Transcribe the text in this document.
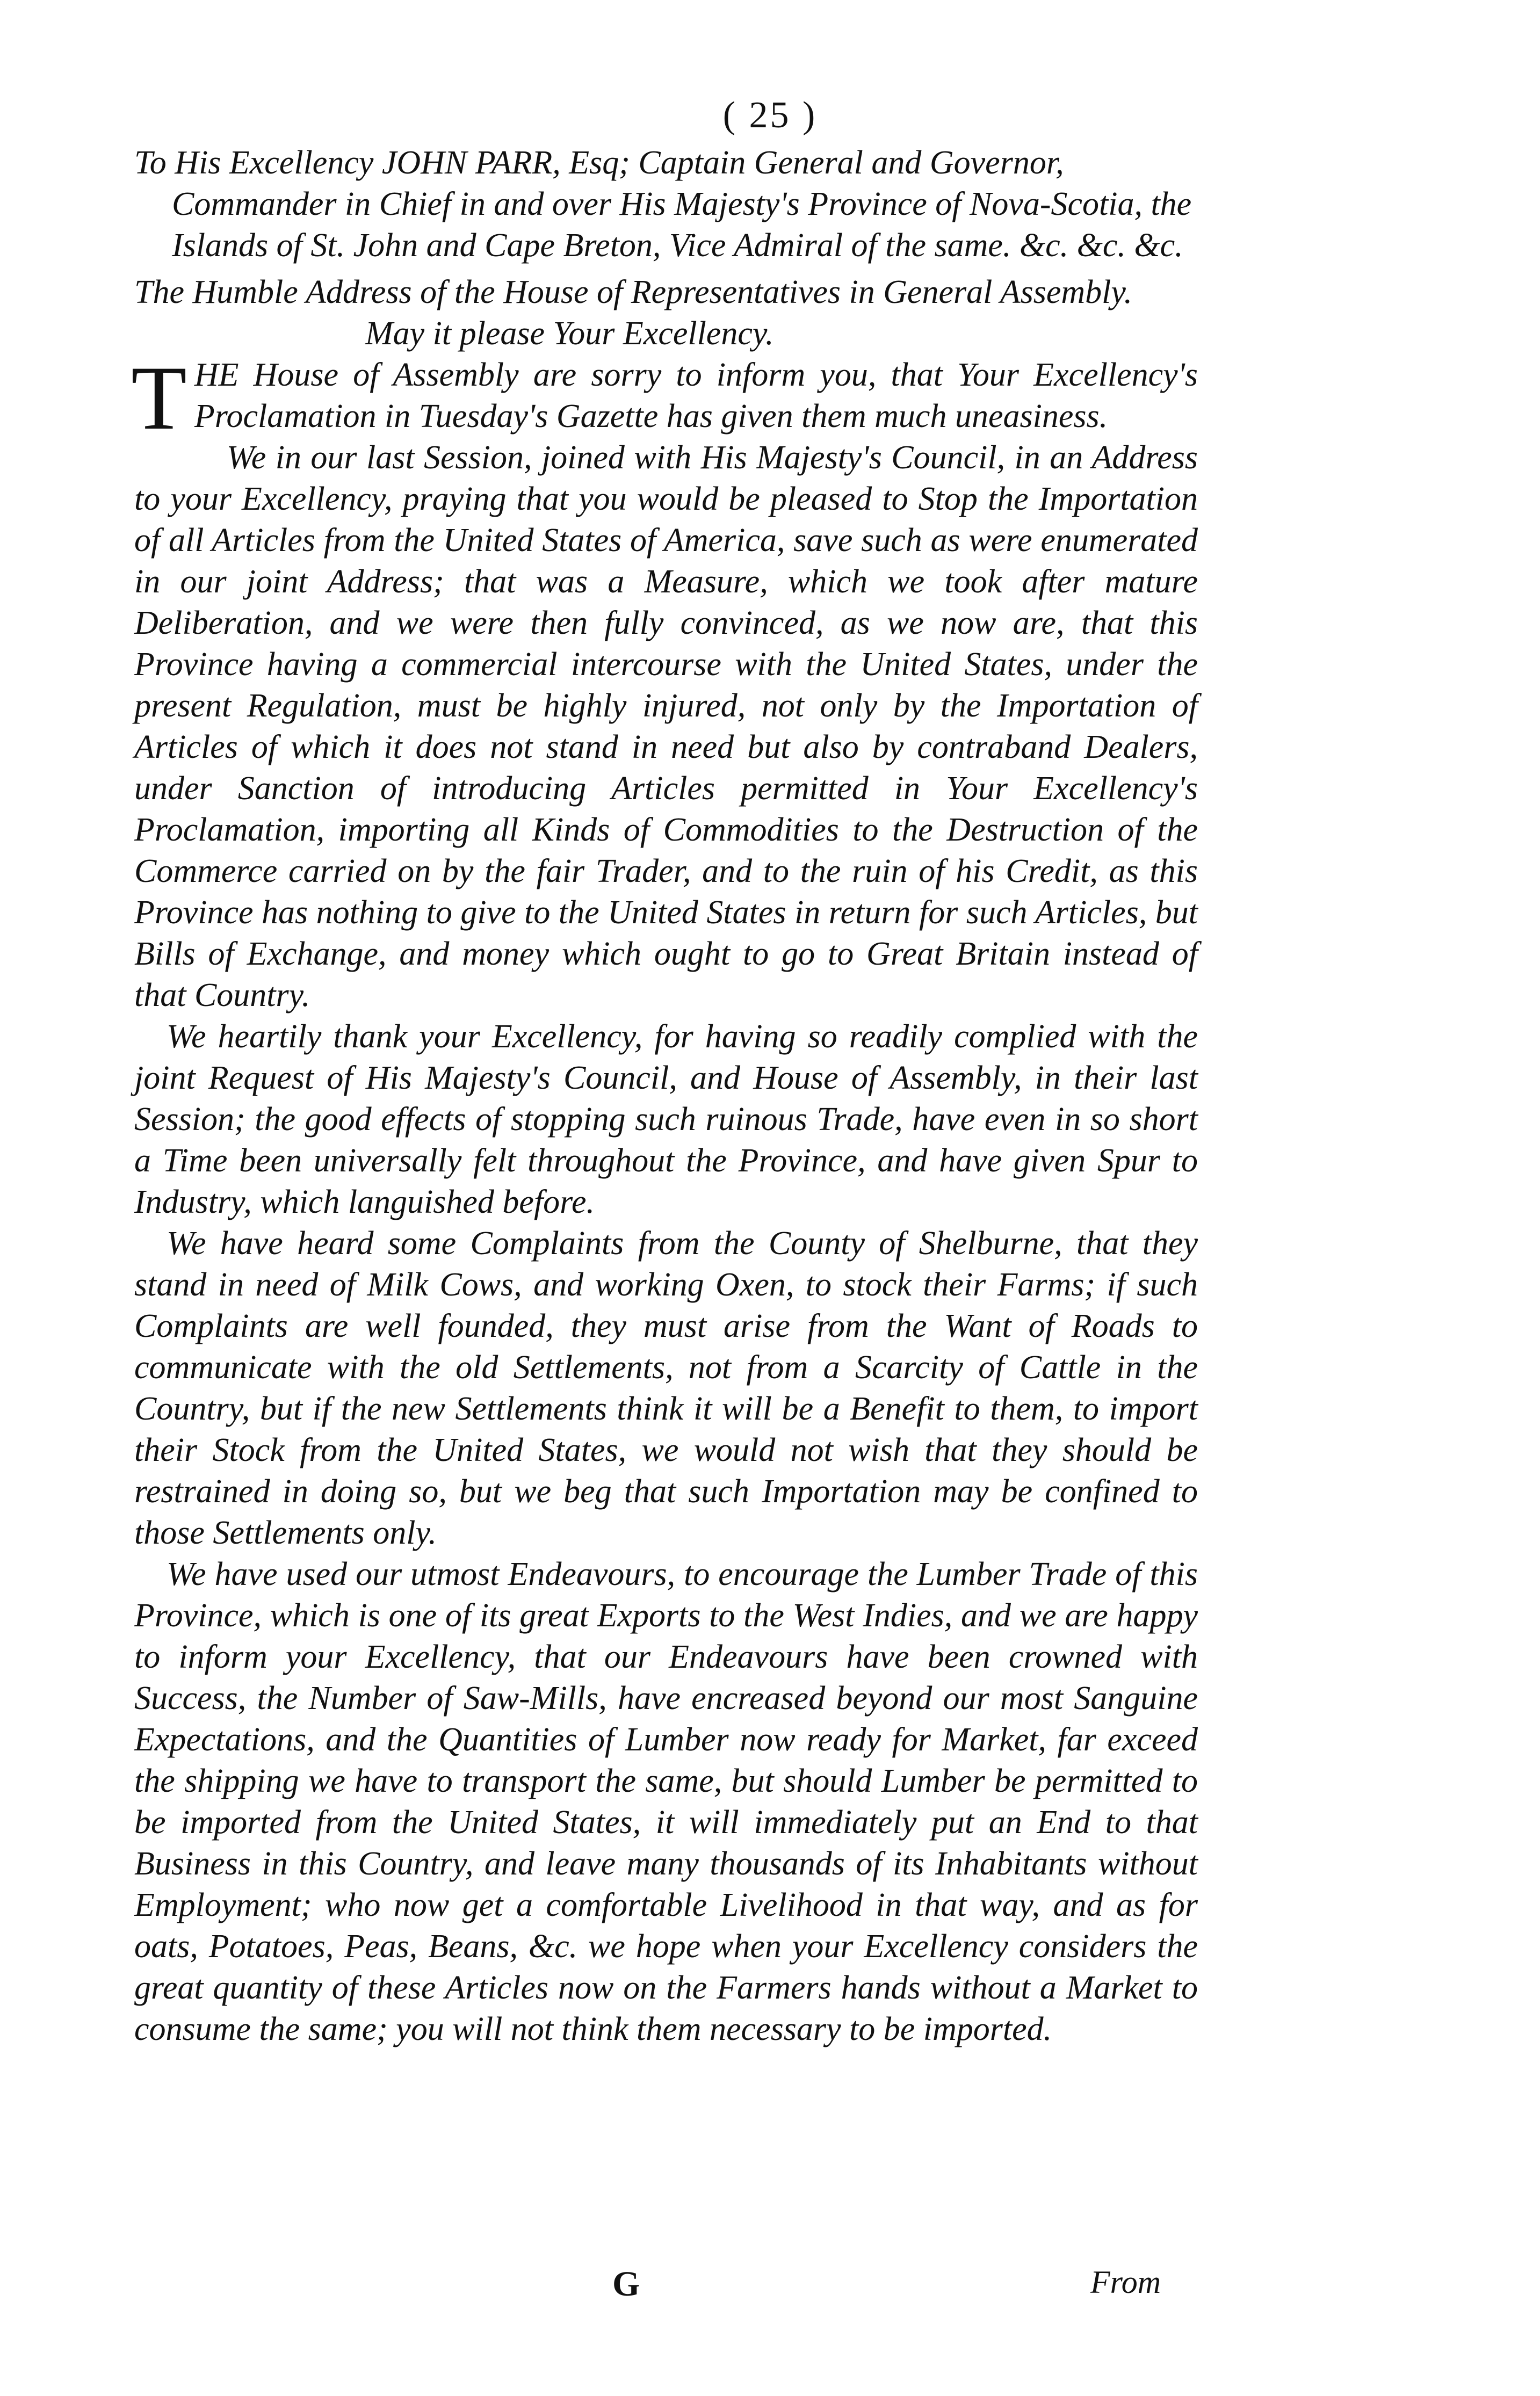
( 25 )

To His Excellency JOHN PARR, Esq; Captain General and Governor, Commander in Chief in and over His Majesty's Province of Nova-Scotia, the Islands of St. John and Cape Breton, Vice Admiral of the same. &c. &c. &c.

The Humble Address of the House of Representatives in General Assembly.

May it please Your Excellency.

THE House of Assembly are sorry to inform you, that Your Excellency's Proclamation in Tuesday's Gazette has given them much uneasiness.

We in our last Session, joined with His Majesty's Council, in an Address to your Excellency, praying that you would be pleased to Stop the Importation of all Articles from the United States of America, save such as were enumerated in our joint Address; that was a Measure, which we took after mature Deliberation, and we were then fully convinced, as we now are, that this Province having a commercial intercourse with the United States, under the present Regulation, must be highly injured, not only by the Importation of Articles of which it does not stand in need but also by contraband Dealers, under Sanction of introducing Articles permitted in Your Excellency's Proclamation, importing all Kinds of Commodities to the Destruction of the Commerce carried on by the fair Trader, and to the ruin of his Credit, as this Province has nothing to give to the United States in return for such Articles, but Bills of Exchange, and money which ought to go to Great Britain instead of that Country.

We heartily thank your Excellency, for having so readily complied with the joint Request of His Majesty's Council, and House of Assembly, in their last Session; the good effects of stopping such ruinous Trade, have even in so short a Time been universally felt throughout the Province, and have given Spur to Industry, which languished before.

We have heard some Complaints from the County of Shelburne, that they stand in need of Milk Cows, and working Oxen, to stock their Farms; if such Complaints are well founded, they must arise from the Want of Roads to communicate with the old Settlements, not from a Scarcity of Cattle in the Country, but if the new Settlements think it will be a Benefit to them, to import their Stock from the United States, we would not wish that they should be restrained in doing so, but we beg that such Importation may be confined to those Settlements only.

We have used our utmost Endeavours, to encourage the Lumber Trade of this Province, which is one of its great Exports to the West Indies, and we are happy to inform your Excellency, that our Endeavours have been crowned with Success, the Number of Saw-Mills, have encreased beyond our most Sanguine Expectations, and the Quantities of Lumber now ready for Market, far exceed the shipping we have to transport the same, but should Lumber be permitted to be imported from the United States, it will immediately put an End to that Business in this Country, and leave many thousands of its Inhabitants without Employment; who now get a comfortable Livelihood in that way, and as for oats, Potatoes, Peas, Beans, &c. we hope when your Excellency considers the great quantity of these Articles now on the Farmers hands without a Market to consume the same; you will not think them necessary to be imported.

G	From
